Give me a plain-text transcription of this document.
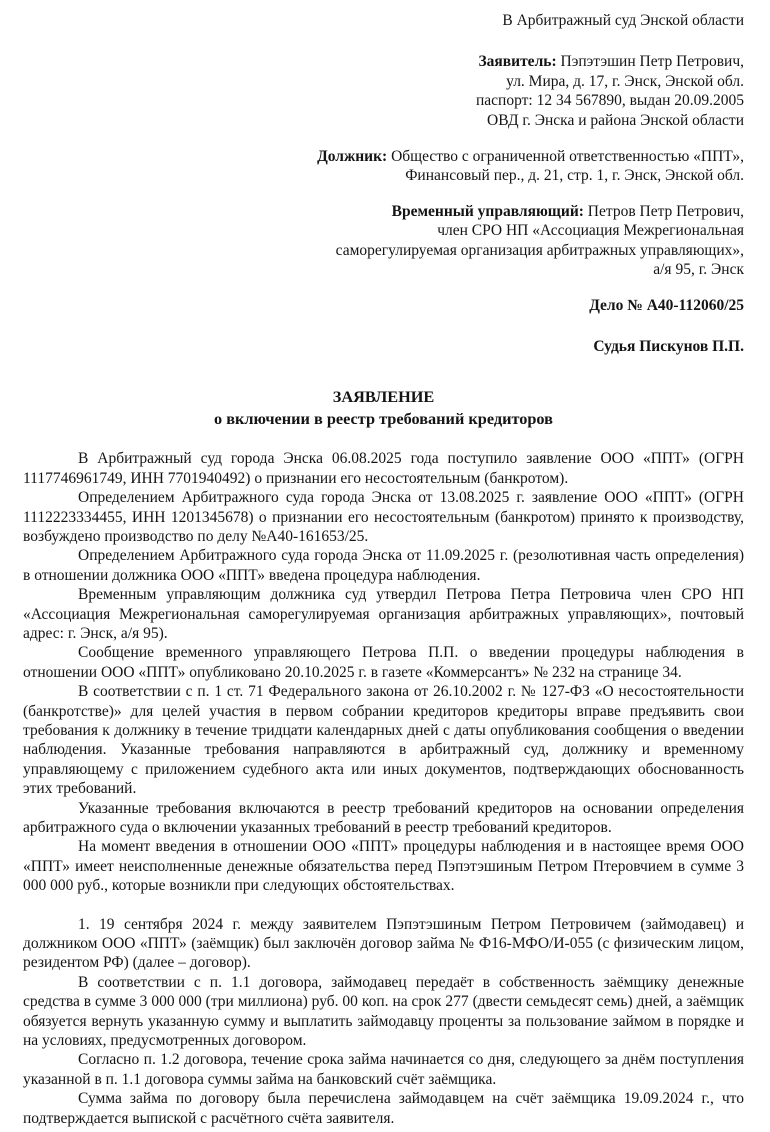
В Арбитражный суд Энской области
Заявитель: Пэпэтэшин Петр Петрович,
ул. Мира, д. 17, г. Энск, Энской обл.
паспорт: 12 34 567890, выдан 20.09.2005
ОВД г. Энска и района Энской области
Должник: Общество с ограниченной ответственностью «ППТ»,
Финансовый пер., д. 21, стр. 1, г. Энск, Энской обл.
Временный управляющий: Петров Петр Петрович,
член СРО НП «Ассоциация Межрегиональная
саморегулируемая организация арбитражных управляющих»,
а/я 95, г. Энск
Дело № А40-112060/25
Судья Пискунов П.П.
ЗАЯВЛЕНИЕ
о включении в реестр требований кредиторов

В Арбитражный суд города Энска 06.08.2025 года поступило заявление ООО «ППТ» (ОГРН 1117746961749, ИНН 7701940492) о признании его несостоятельным (банкротом).

Определением Арбитражного суда города Энска от 13.08.2025 г. заявление ООО «ППТ» (ОГРН 1112223334455, ИНН 1201345678) о признании его несостоятельным (банкротом) принято к производству, возбуждено производство по делу №А40-161653/25.

Определением Арбитражного суда города Энска от 11.09.2025 г. (резолютивная часть определения) в отношении должника ООО «ППТ» введена процедура наблюдения.

Временным управляющим должника суд утвердил Петрова Петра Петровича член СРО НП «Ассоциация Межрегиональная саморегулируемая организация арбитражных управляющих», почтовый адрес: г. Энск, а/я 95).

Сообщение временного управляющего Петрова П.П. о введении процедуры наблюдения в отношении ООО «ППТ» опубликовано 20.10.2025 г. в газете «Коммерсантъ» № 232 на странице 34.

В соответствии с п. 1 ст. 71 Федерального закона от 26.10.2002 г. № 127-ФЗ «О несостоятельности (банкротстве)» для целей участия в первом собрании кредиторов кредиторы вправе предъявить свои требования к должнику в течение тридцати календарных дней с даты опубликования сообщения о введении наблюдения. Указанные требования направляются в арбитражный суд, должнику и временному управляющему с приложением судебного акта или иных документов, подтверждающих обоснованность этих требований.

Указанные требования включаются в реестр требований кредиторов на основании определения арбитражного суда о включении указанных требований в реестр требований кредиторов.

На момент введения в отношении ООО «ППТ» процедуры наблюдения и в настоящее время ООО «ППТ» имеет неисполненные денежные обязательства перед Пэпэтэшиным Петром Птеровчием в сумме 3 000 000 руб., которые возникли при следующих обстоятельствах.

1. 19 сентября 2024 г. между заявителем Пэпэтэшиным Петром Петровичем (займодавец) и должником ООО «ППТ» (заёмщик) был заключён договор займа № Ф16-МФО/И-055 (с физическим лицом, резидентом РФ) (далее – договор).

В соответствии с п. 1.1 договора, займодавец передаёт в собственность заёмщику денежные средства в сумме 3 000 000 (три миллиона) руб. 00 коп. на срок 277 (двести семьдесят семь) дней, а заёмщик обязуется вернуть указанную сумму и выплатить займодавцу проценты за пользование займом в порядке и на условиях, предусмотренных договором.

Согласно п. 1.2 договора, течение срока займа начинается со дня, следующего за днём поступления указанной в п. 1.1 договора суммы займа на банковский счёт заёмщика.

Сумма займа по договору была перечислена займодавцем на счёт заёмщика 19.09.2024 г., что подтверждается выпиской с расчётного счёта заявителя.
